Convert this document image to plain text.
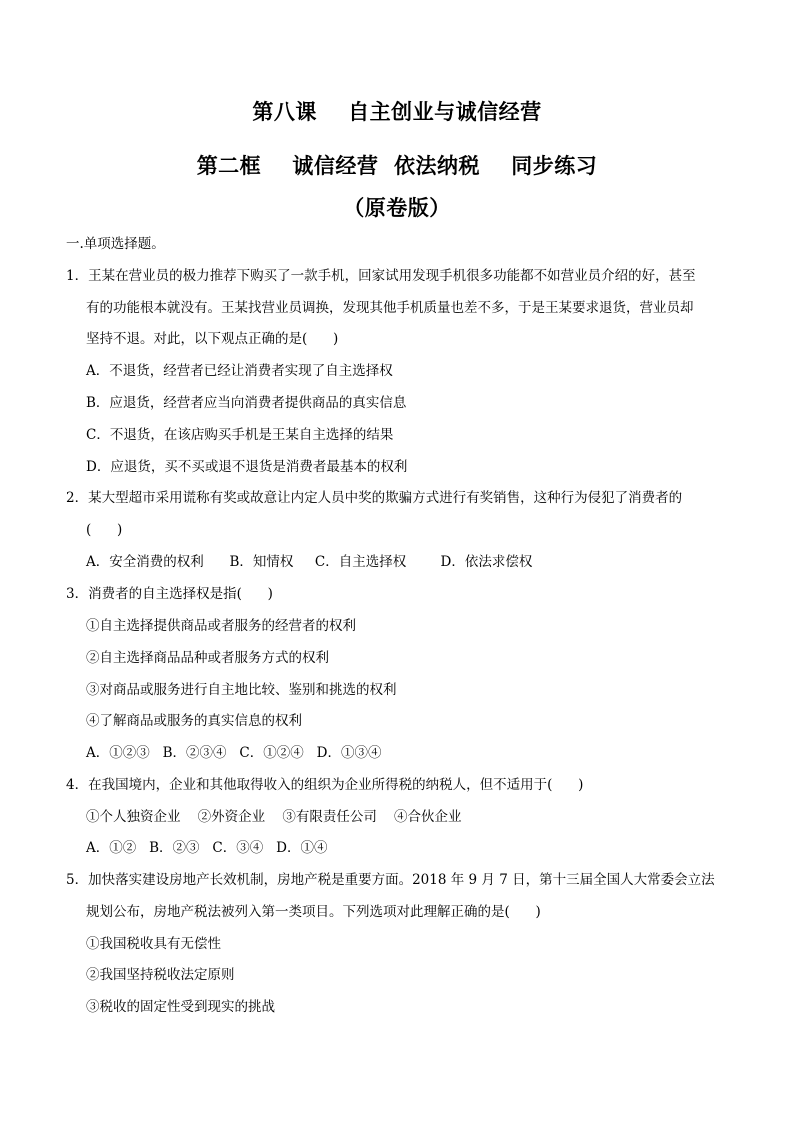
第八课    自主创业与诚信经营
第二框    诚信经营  依法纳税    同步练习
（原卷版）
一.单项选择题。
1．王某在营业员的极力推荐下购买了一款手机，回家试用发现手机很多功能都不如营业员介绍的好，甚至
有的功能根本就没有。王某找营业员调换，发现其他手机质量也差不多，于是王某要求退货，营业员却
坚持不退。对此，以下观点正确的是(      )
A．不退货，经营者已经让消费者实现了自主选择权
B．应退货，经营者应当向消费者提供商品的真实信息
C．不退货，在该店购买手机是王某自主选择的结果
D．应退货，买不买或退不退货是消费者最基本的权利
2．某大型超市采用谎称有奖或故意让内定人员中奖的欺骗方式进行有奖销售，这种行为侵犯了消费者的
(      )
A．安全消费的权利      B．知情权     C．自主选择权        D．依法求偿权
3．消费者的自主选择权是指(      )
①自主选择提供商品或者服务的经营者的权利
②自主选择商品品种或者服务方式的权利
③对商品或服务进行自主地比较、鉴别和挑选的权利
④了解商品或服务的真实信息的权利
A．①②③   B．②③④   C．①②④   D．①③④
4．在我国境内，企业和其他取得收入的组织为企业所得税的纳税人，但不适用于(      )
①个人独资企业    ②外资企业    ③有限责任公司    ④合伙企业
A．①②   B．②③   C．③④   D．①④
5．加快落实建设房地产长效机制，房地产税是重要方面。2018 年 9 月 7 日，第十三届全国人大常委会立法
规划公布，房地产税法被列入第一类项目。下列选项对此理解正确的是(      )
①我国税收具有无偿性
②我国坚持税收法定原则
③税收的固定性受到现实的挑战
